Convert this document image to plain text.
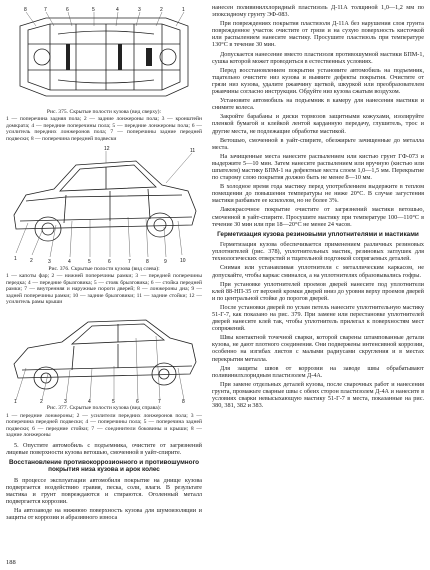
8	7	6	5	4	3	2	1
Рис. 375. Скрытые полости кузова (вид сверху):
1 — поперечина задняя пола; 2 — задние лонжероны пола; 3 — кронштейн домкрата; 4 — передние поперечины пола; 5 — передние лонжероны пола; 6 — усилитель передних лонжеронов пола; 7 — поперечины задние передней подвески; 8 — поперечина передней подвески
12	11
10
9
8
7
6
5
4
3
2
1
Рис. 376. Скрытые полости кузова (вид слева):
1 — капоты фар; 2 — нижней поперечины рамки; 3 — передней поперечины передка; 4 — передние брызговика; 5 — стояк брызговика; 6 — стойка передней рамки; 7 — внутренняя и наружные пороги дверей; 8 — лонжероны дна; 9 — задней поперечины рамки; 10 — задние брызговики; 11 — задние стойки; 12 — усилитель рамы крыши
1	2	3	4	5	6	7	8
Рис. 377. Скрытые полости кузова (вид справа):
1 — передние лонжероны; 2 — усилители передних лонжеронов пола; 3 — поперечина передней подвески; 4 — поперечины пола; 5 — поперечина задней подвески; 6 — передние стойки; 7 — соединители боковины и крыши; 8 — задние лонжероны

5. Опустите автомобиль с подъемника, очистите от загрязнений лицевые поверхности кузова ветошью, смоченной в уайт-спирите.

Восстановление противокоррозионного и противошумного покрытия низа кузова и арок колес

В процессе эксплуатации автомобиля покрытие на днище кузова подвергается воздействию гравия, песка, соли, влаги. В результате мастика и грунт повреждаются и стираются. Оголенный металл подвергается коррозии.

На автозаводе на нижнюю поверхность кузова для шумоизоляции и защиты от коррозии и абразивного износа

нанесен поливинилхлоридный пластизоль Д-11А толщиной 1,0—1,2 мм по эпоксидному грунту ЭФ-083.

При повреждениях покрытия пластизоля Д-11А без нарушения слоя грунта поврежденное участок очистите от грязи и на сухую поверхность кисточкой или распылением нанесите мастику. Просушите пластизоль при температуре 130°С в течение 30 мин.

Допускается нанесение вместо пластизоля противошумной мастики БПМ-1, сушка которой может проводиться в естественных условиях.

Перед восстановлением покрытия установите автомобиль на подъемник, тщательно очистите низ кузова и выявите дефекты покрытия. Очистите от грязи низ кузова, удалите ржавчину щеткой, шкуркой или преобразователем ржавчины согласно инструкции. Обдуйте низ кузова сжатым воздухом.

Установите автомобиль на подъемник в камеру для нанесения мастики и снимите колеса.

Закройте барабаны и диски тормозов защитными кожухами, изолируйте пленкой бумагой и клейкой лентой карданную передачу, глушитель, трос и другие места, не подлежащие обработке мастикой.

Ветошью, смоченной в уайт-спирите, обезжирьте зачищенные до металла места.

На зачищенные места нанесите распылением или кистью грунт ГФ-073 и выдержите 5—10 мин. Затем нанесите распылением или вручную (кистью или шпателем) мастику БПМ-1 на дефектные места слоем 1,0—1,5 мм. Перекрытие по старому слою покрытия должно быть не менее 8—10 мм.

В холодное время года мастику перед употреблением выдержите в теплом помещении до повышения температуры не ниже 20°С. В случае загустения мастики разбавьте ее ксилолом, но не более 3%.

Лакокрасочное покрытие очистите от загрязнений мастики ветошью, смоченной в уайт-спирите. Просушите мастику при температуре 100—110°С в течение 30 мин или при 18—20°С не менее 24 часов.

Герметизация кузова резиновыми уплотнителями и мастиками

Герметизация кузова обеспечивается применением различных резиновых уплотнителей (рис. 378), уплотнительных мастик, резиновых заглушек для технологических отверстий и тщательной подгонкой сопрягаемых деталей.

Снимая или устанавливая уплотнители с металлическим каркасом, не допускайте, чтобы каркас сминался, а на уплотнителях образовывались гофры.

При установке уплотнителей проемов дверей нанесите под уплотнители клей 88-НП-35 от верхней кромки дверей вниз до уровня верху проемов дверей и по центральной стойке до порогов дверей.

После установки дверей по углам петель нанесите уплотнительную мастику 51-Г-7, как показано на рис. 379. При замене или перестановке уплотнителей дверей нанесите клей так, чтобы уплотнитель прилегал к поверхностям мест сопряжений.

Швы контактной точечной сварки, которой сварены штампованные детали кузова, не дают плотного соединения. Они подвержены интенсивной коррозии, особенно на изгибах листов с малыми радиусами скругления и в местах перекрытия металла.

Для защиты швов от коррозии на заводе швы обрабатывают поливинилхлоридным пластизолем Д-4А.

При замене отдельных деталей кузова, после сварочных работ и нанесения грунта, промажьте сварные швы с обеих сторон пластизолем Д-4А и нанесите в условиях сварки невысыхающую мастику 51-Г-7 в места, показанные на рис. 380, 381, 382 и 383.

188
